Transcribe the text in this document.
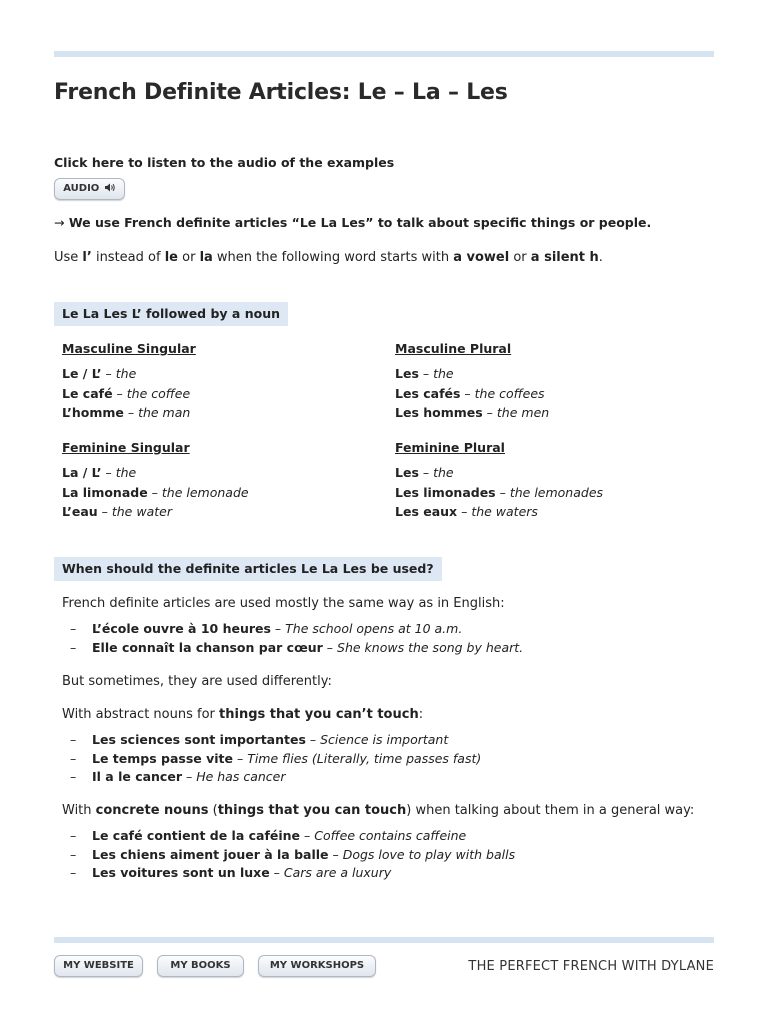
French Definite Articles: Le – La – Les
Click here to listen to the audio of the examples
AUDIO
→ We use French definite articles “Le La Les” to talk about specific things or people.
Use l’ instead of le or la when the following word starts with a vowel or a silent h.
Le La Les L’ followed by a noun
Masculine Singular
Le / L’ – the
Le café – the coffee
L’homme – the man
Masculine Plural
Les – the
Les cafés – the coffees
Les hommes – the men
Feminine Singular
La / L’ – the
La limonade – the lemonade
L’eau – the water
Feminine Plural
Les – the
Les limonades – the lemonades
Les eaux – the waters
When should the definite articles Le La Les be used?
French definite articles are used mostly the same way as in English:
– L’école ouvre à 10 heures – The school opens at 10 a.m.
– Elle connaît la chanson par cœur – She knows the song by heart.
But sometimes, they are used differently:
With abstract nouns for things that you can’t touch:
– Les sciences sont importantes – Science is important
– Le temps passe vite – Time flies (Literally, time passes fast)
– Il a le cancer – He has cancer
With concrete nouns (things that you can touch) when talking about them in a general way:
– Le café contient de la caféine – Coffee contains caffeine
– Les chiens aiment jouer à la balle – Dogs love to play with balls
– Les voitures sont un luxe – Cars are a luxury
MY WEBSITE	MY BOOKS	MY WORKSHOPS	THE PERFECT FRENCH WITH DYLANE
